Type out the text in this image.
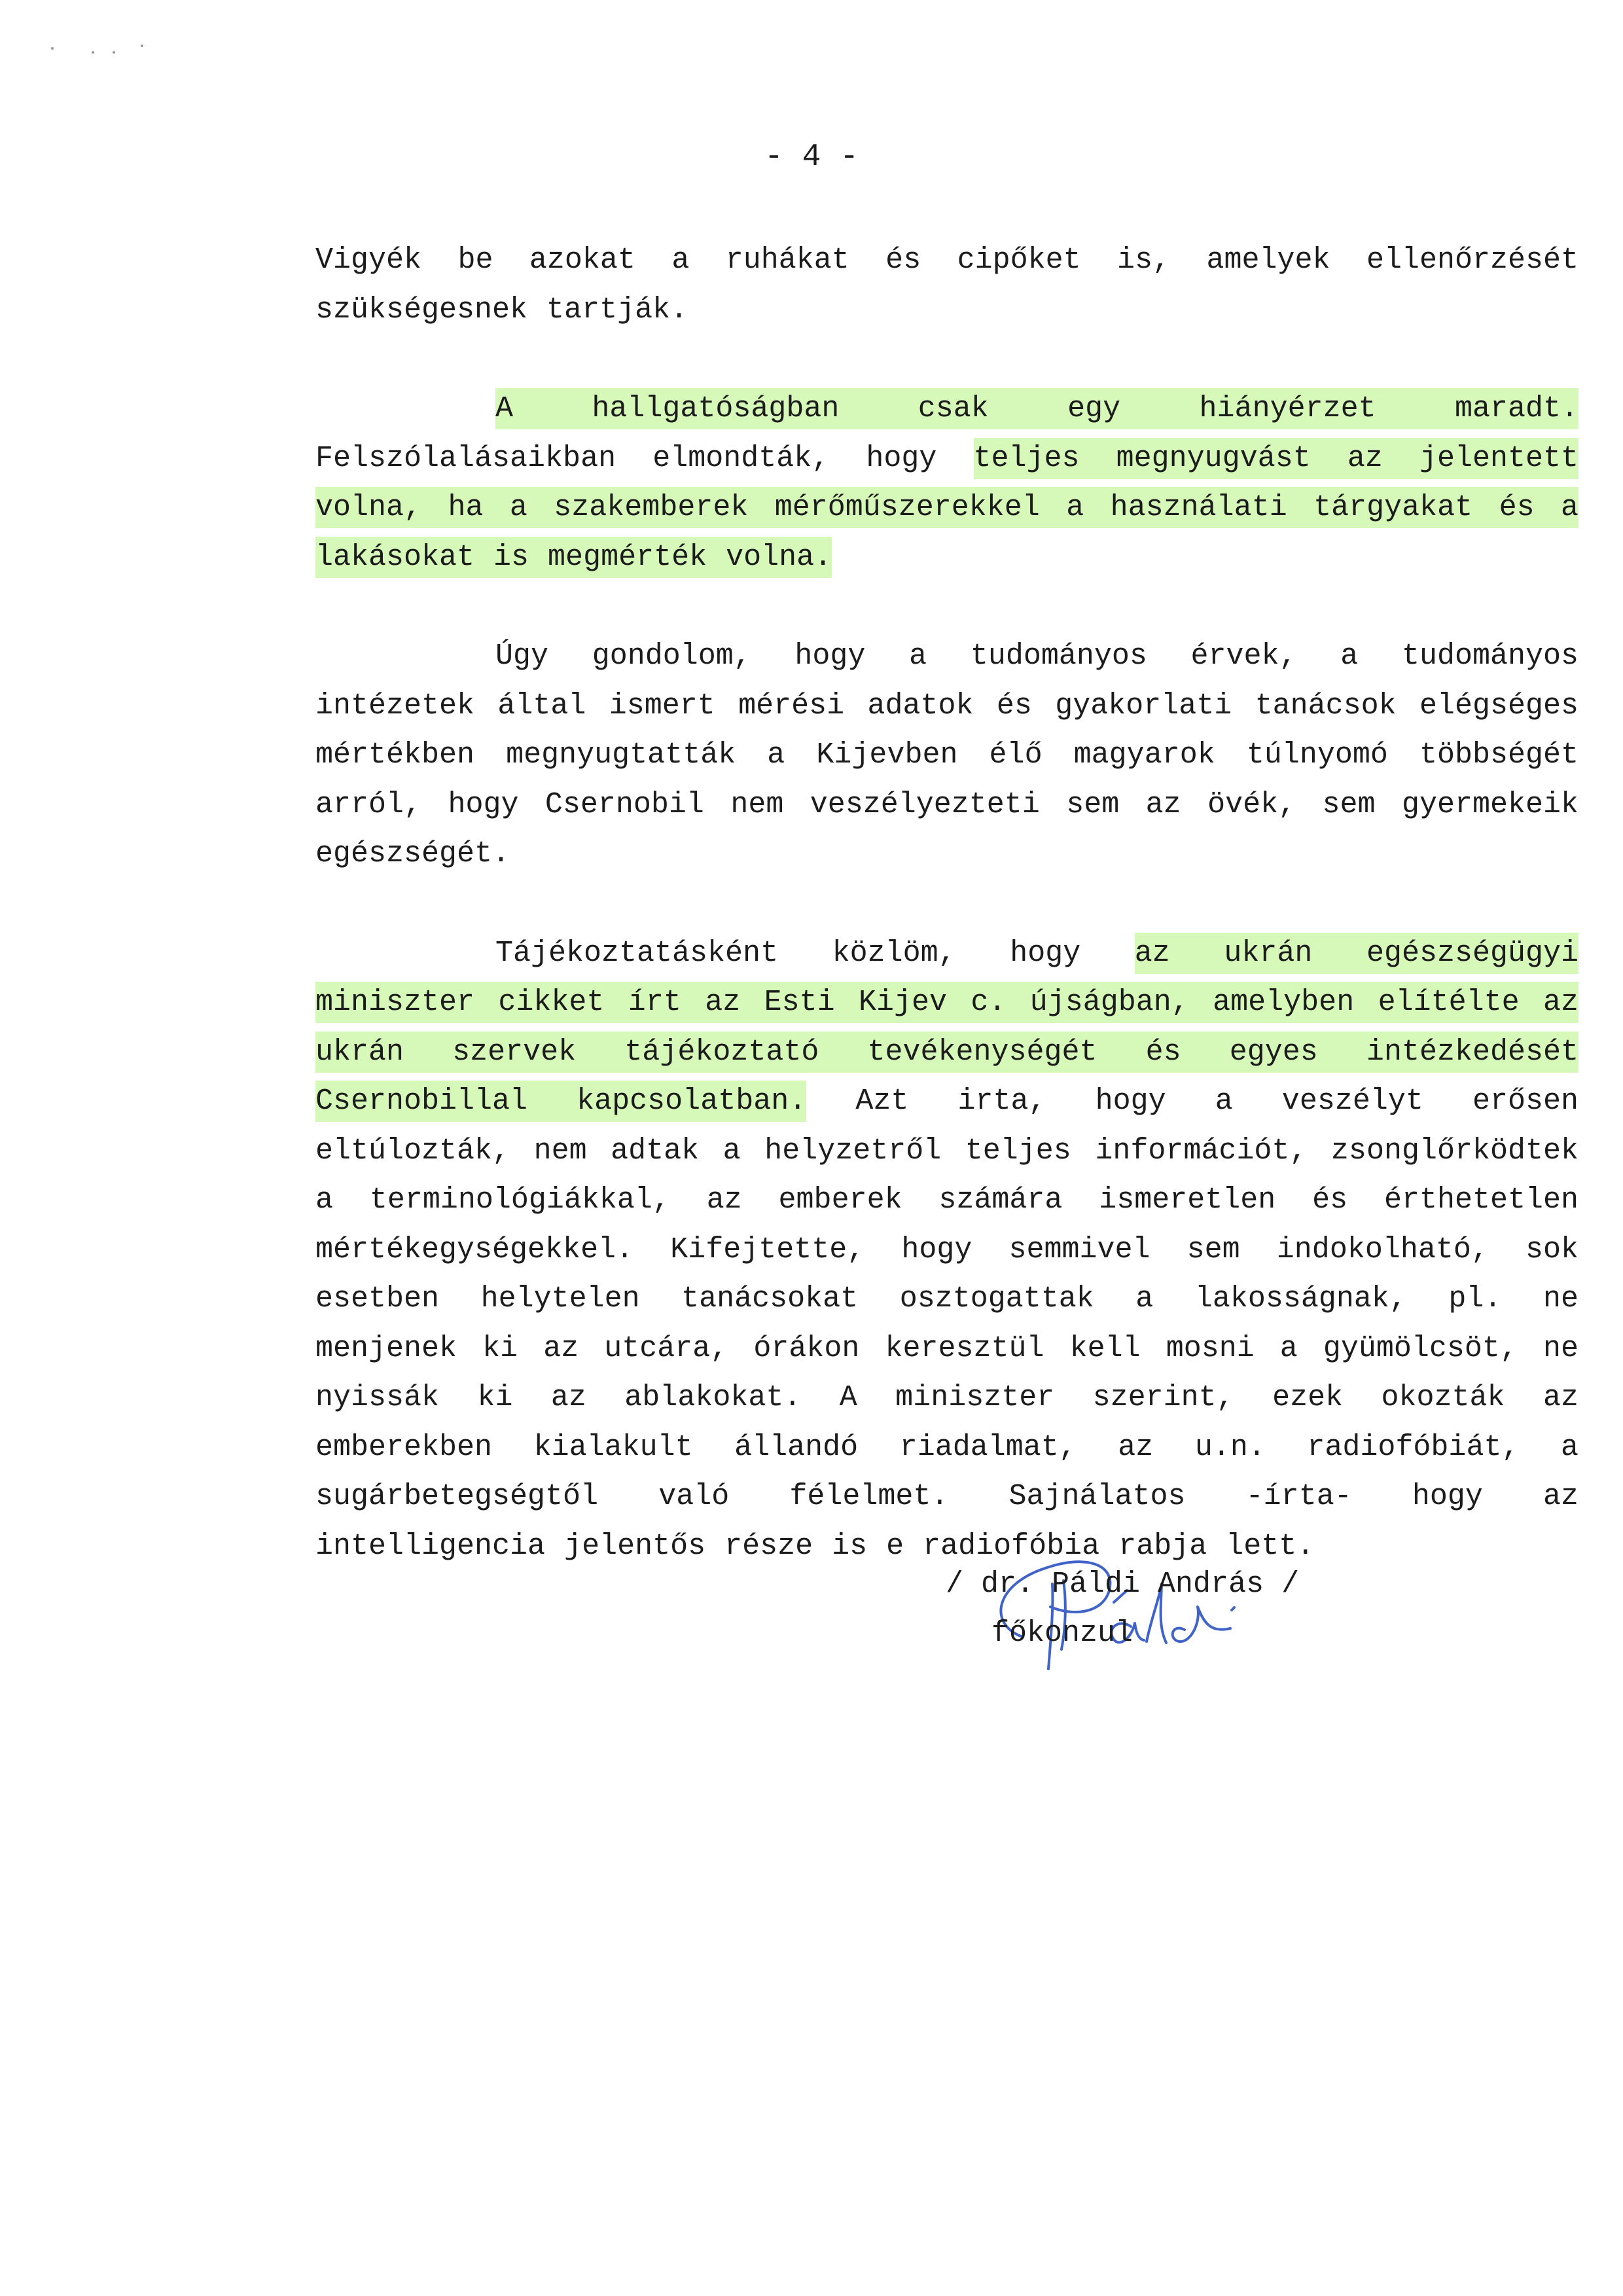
- 4 -

Vigyék be azokat a ruhákat és cipőket is, amelyek ellenőrzését szükségesnek tartják.

A hallgatóságban csak egy hiányérzet maradt. Felszólalásaikban elmondták, hogy teljes megnyugvást az jelentett volna, ha a szakemberek mérőműszerekkel a használati tárgyakat és a lakásokat is megmérték volna.

Úgy gondolom, hogy a tudományos érvek, a tudományos intézetek által ismert mérési adatok és gyakorlati tanácsok elégséges mértékben megnyugtatták a Kijevben élő magyarok túlnyomó többségét arról, hogy Csernobil nem veszélyezteti sem az övék, sem gyermekeik egészségét.

Tájékoztatásként közlöm, hogy az ukrán egészségügyi miniszter cikket írt az Esti Kijev c. újságban, amelyben elítélte az ukrán szervek tájékoztató tevékenységét és egyes intézkedését Csernobillal kapcsolatban. Azt irta, hogy a veszélyt erősen eltúlozták, nem adtak a helyzetről teljes információt, zsonglőrködtek a terminológiákkal, az emberek számára ismeretlen és érthetetlen mértékegységekkel. Kifejtette, hogy semmivel sem indokolható, sok esetben helytelen tanácsokat osztogattak a lakosságnak, pl. ne menjenek ki az utcára, órákon keresztül kell mosni a gyümölcsöt, ne nyissák ki az ablakokat. A miniszter szerint, ezek okozták az emberekben kialakult állandó riadalmat, az u.n. radiofóbiát, a sugárbetegségtől való félelmet. Sajnálatos -írta- hogy az intelligencia jelentős része is e radiofóbia rabja lett.

/ dr. Páldi András /
főkonzul
